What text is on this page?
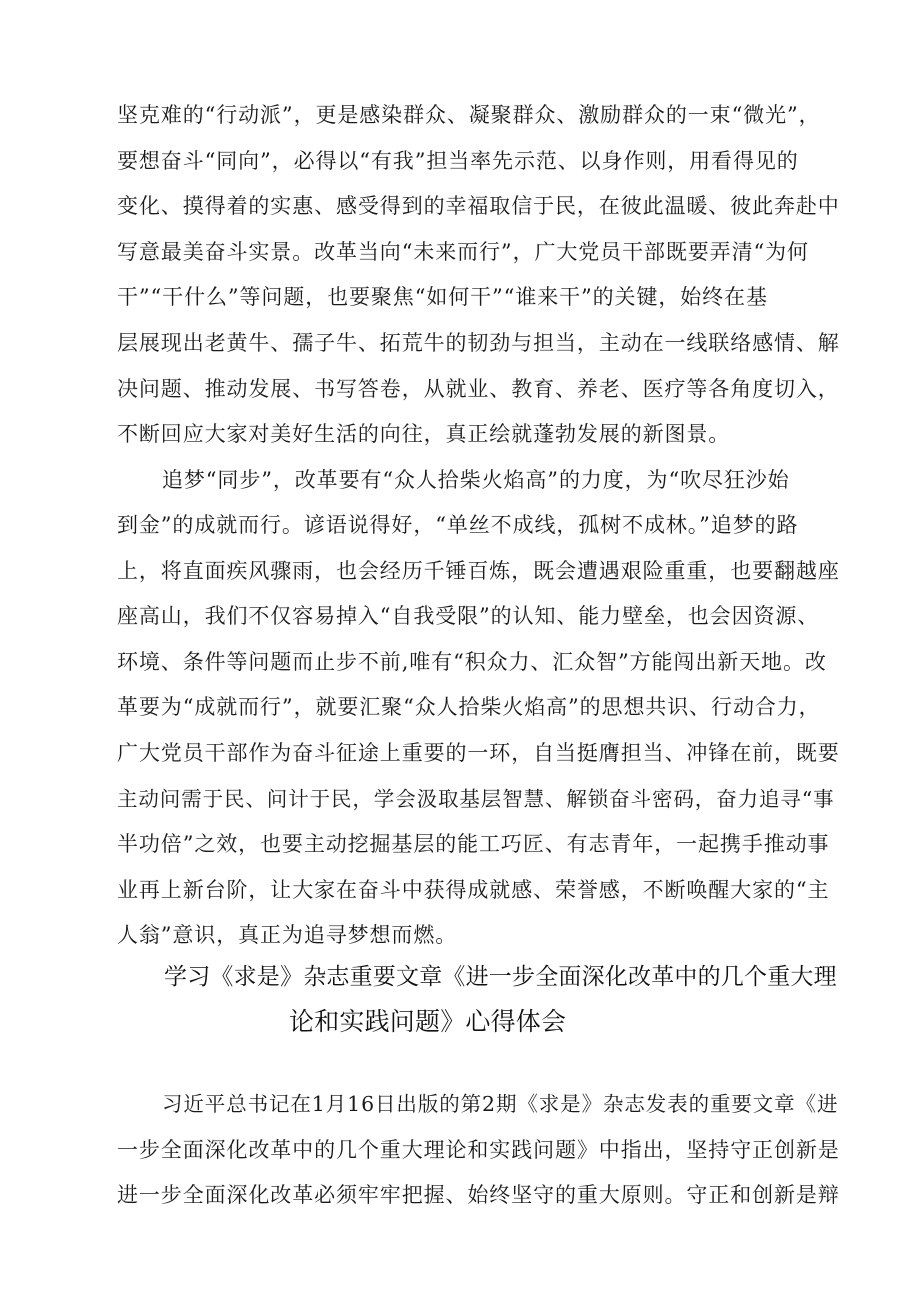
坚克难的“行动派”，更是感染群众、凝聚群众、激励群众的一束“微光”，

要想奋斗“同向”，必得以“有我”担当率先示范、以身作则，用看得见的

变化、摸得着的实惠、感受得到的幸福取信于民，在彼此温暖、彼此奔赴中

写意最美奋斗实景。改革当向“未来而行”，广大党员干部既要弄清“为何

干”“干什么”等问题，也要聚焦“如何干”“谁来干”的关键，始终在基

层展现出老黄牛、孺子牛、拓荒牛的韧劲与担当，主动在一线联络感情、解

决问题、推动发展、书写答卷，从就业、教育、养老、医疗等各角度切入，

不断回应大家对美好生活的向往，真正绘就蓬勃发展的新图景。

追梦“同步”，改革要有“众人拾柴火焰高”的力度，为“吹尽狂沙始

到金”的成就而行。谚语说得好，“单丝不成线，孤树不成林。”追梦的路

上，将直面疾风骤雨，也会经历千锤百炼，既会遭遇艰险重重，也要翻越座

座高山，我们不仅容易掉入“自我受限”的认知、能力壁垒，也会因资源、

环境、条件等问题而止步不前,唯有“积众力、汇众智”方能闯出新天地。改

革要为“成就而行”，就要汇聚“众人拾柴火焰高”的思想共识、行动合力，

广大党员干部作为奋斗征途上重要的一环，自当挺膺担当、冲锋在前，既要

主动问需于民、问计于民，学会汲取基层智慧、解锁奋斗密码，奋力追寻“事

半功倍”之效，也要主动挖掘基层的能工巧匠、有志青年，一起携手推动事

业再上新台阶，让大家在奋斗中获得成就感、荣誉感，不断唤醒大家的“主

人翁”意识，真正为追寻梦想而燃。

学习《求是》杂志重要文章《进一步全面深化改革中的几个重大理
论和实践问题》心得体会

习近平总书记在1月16日出版的第2期《求是》杂志发表的重要文章《进

一步全面深化改革中的几个重大理论和实践问题》中指出，坚持守正创新是

进一步全面深化改革必须牢牢把握、始终坚守的重大原则。守正和创新是辩
